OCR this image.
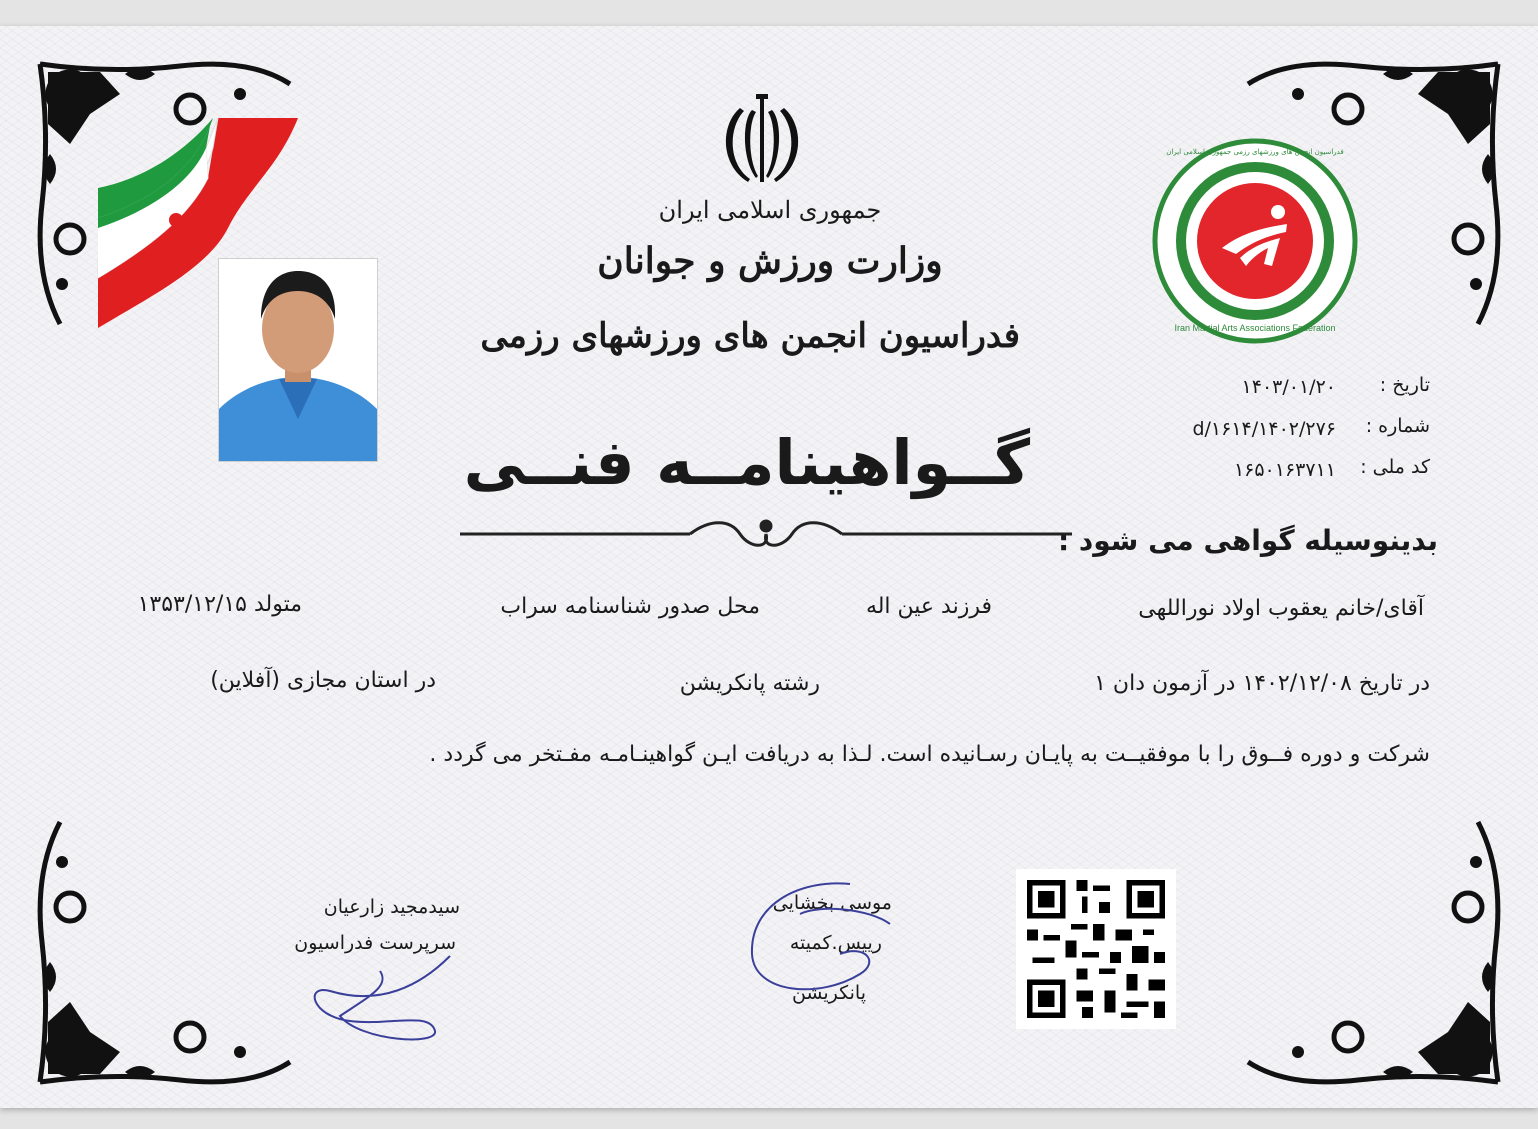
جمهوری اسلامی ایران
وزارت ورزش و جوانان
فدراسیون انجمن های ورزشهای رزمی
گــواهینامــه فنــی
Iran Martial Arts Associations Federation
فدراسیون انجمن های ورزشهای رزمی جمهوری اسلامی ایران
تاریخ :
۱۴۰۳/۰۱/۲۰
شماره :
۱۴۰۲/۲۷۶/d/۱۶۱۴
کد ملی :
۱۶۵۰۱۶۳۷۱۱
بدینوسیله گواهی می شود :
آقای/خانم یعقوب اولاد نوراللهی
فرزند عین اله
محل صدور شناسنامه سراب
متولد ۱۳۵۳/۱۲/۱۵
در تاریخ ۱۴۰۲/۱۲/۰۸ در آزمون دان ۱
رشته پانکریشن
در استان مجازی (آفلاین)
شرکت و دوره فــوق را با موفقیــت به پایـان رسـانیده است. لـذا به دریافت ایـن گواهینـامـه مفـتخر می گردد .
سیدمجید زارعیان
سرپرست فدراسیون
موسی بخشایی
رییس.کمیته
پانکریشن
